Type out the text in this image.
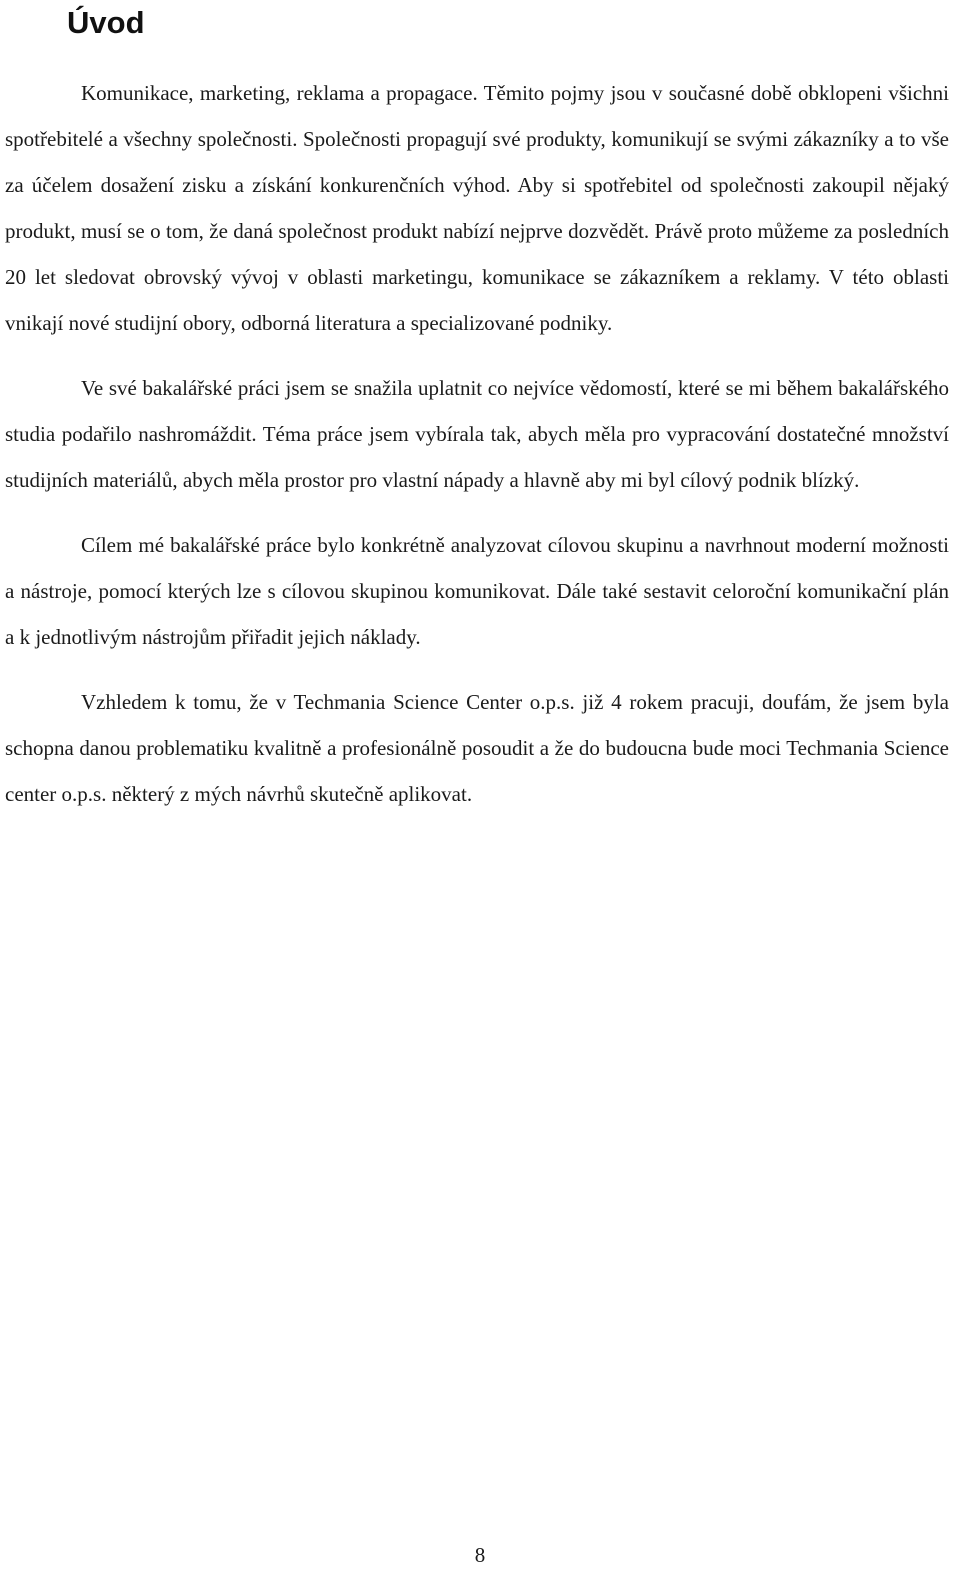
Úvod

Komunikace, marketing, reklama a propagace. Těmito pojmy jsou v současné době obklopeni všichni spotřebitelé a všechny společnosti. Společnosti propagují své produkty, komunikují se svými zákazníky a to vše za účelem dosažení zisku a získání konkurenčních výhod. Aby si spotřebitel od společnosti zakoupil nějaký produkt, musí se o tom, že daná společnost produkt nabízí nejprve dozvědět. Právě proto můžeme za posledních 20 let sledovat obrovský vývoj v oblasti marketingu, komunikace se zákazníkem a reklamy. V této oblasti vnikají nové studijní obory, odborná literatura a specializované podniky.

Ve své bakalářské práci jsem se snažila uplatnit co nejvíce vědomostí, které se mi během bakalářského studia podařilo nashromáždit. Téma práce jsem vybírala tak, abych měla pro vypracování dostatečné množství studijních materiálů, abych měla prostor pro vlastní nápady a hlavně aby mi byl cílový podnik blízký.

Cílem mé bakalářské práce bylo konkrétně analyzovat cílovou skupinu a navrhnout moderní možnosti a nástroje, pomocí kterých lze s cílovou skupinou komunikovat. Dále také sestavit celoroční komunikační plán a k jednotlivým nástrojům přiřadit jejich náklady.

Vzhledem k tomu, že v Techmania Science Center o.p.s. již 4 rokem pracuji, doufám, že jsem byla schopna danou problematiku kvalitně a profesionálně posoudit a že do budoucna bude moci Techmania Science center o.p.s. některý z mých návrhů skutečně aplikovat.

8
